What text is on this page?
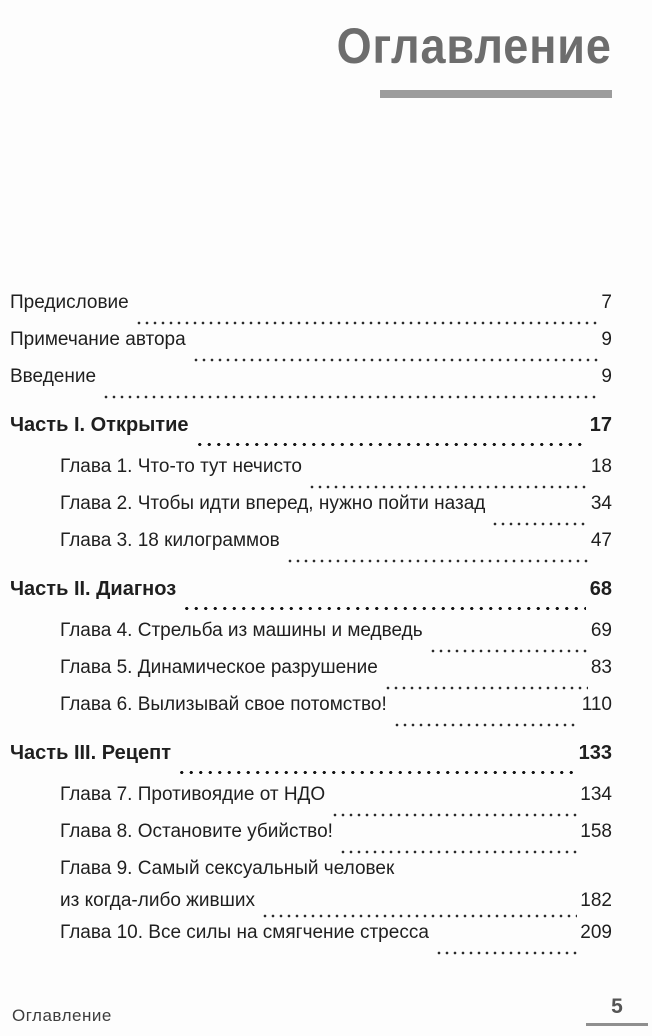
Оглавление
Предисловие	7
Примечание автора	9
Введение	9
Часть I. Открытие	17
Глава 1. Что-то тут нечисто	18
Глава 2. Чтобы идти вперед, нужно пойти назад	34
Глава 3. 18 килограммов	47
Часть II. Диагноз	68
Глава 4. Стрельба из машины и медведь	69
Глава 5. Динамическое разрушение	83
Глава 6. Вылизывай свое потомство!	110
Часть III. Рецепт	133
Глава 7. Противоядие от НДО	134
Глава 8. Остановите убийство!	158
Глава 9. Самый сексуальный человек
из когда-либо живших	182
Глава 10. Все силы на смягчение стресса	209
Оглавление	5
